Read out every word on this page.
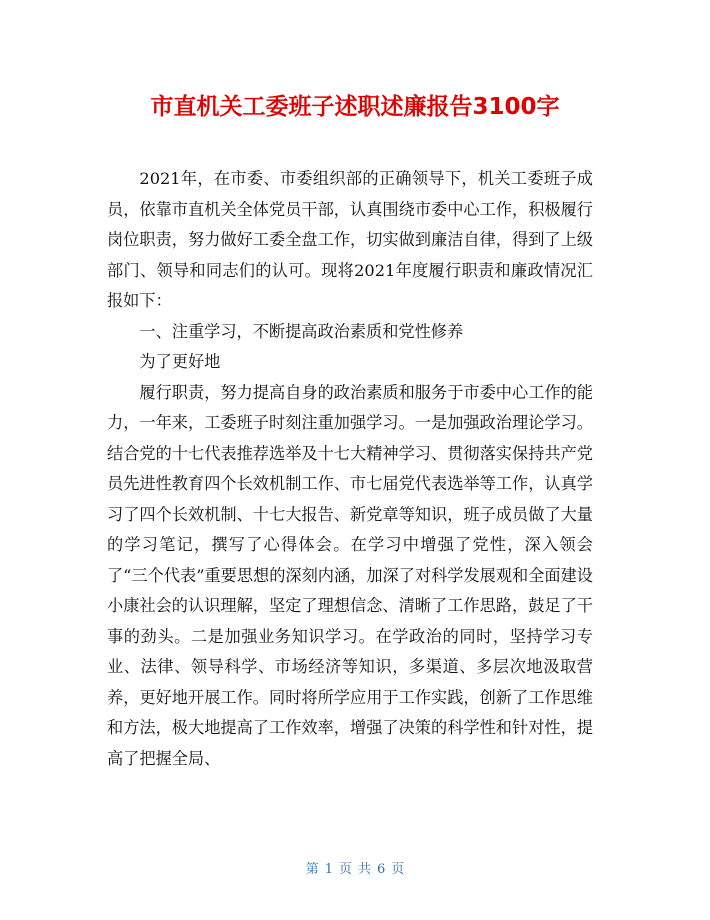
市直机关工委班子述职述廉报告3100字

2021年，在市委、市委组织部的正确领导下，机关工委班子成员，依靠市直机关全体党员干部，认真围绕市委中心工作，积极履行岗位职责，努力做好工委全盘工作，切实做到廉洁自律，得到了上级部门、领导和同志们的认可。现将2021年度履行职责和廉政情况汇报如下：

一、注重学习，不断提高政治素质和党性修养

为了更好地

履行职责，努力提高自身的政治素质和服务于市委中心工作的能力，一年来，工委班子时刻注重加强学习。一是加强政治理论学习。结合党的十七代表推荐选举及十七大精神学习、贯彻落实保持共产党员先进性教育四个长效机制工作、市七届党代表选举等工作，认真学习了四个长效机制、十七大报告、新党章等知识，班子成员做了大量的学习笔记，撰写了心得体会。在学习中增强了党性，深入领会了“三个代表”重要思想的深刻内涵，加深了对科学发展观和全面建设小康社会的认识理解，坚定了理想信念、清晰了工作思路，鼓足了干事的劲头。二是加强业务知识学习。在学政治的同时，坚持学习专业、法律、领导科学、市场经济等知识，多渠道、多层次地汲取营养，更好地开展工作。同时将所学应用于工作实践，创新了工作思维和方法，极大地提高了工作效率，增强了决策的科学性和针对性，提高了把握全局、

第 1 页 共 6 页
